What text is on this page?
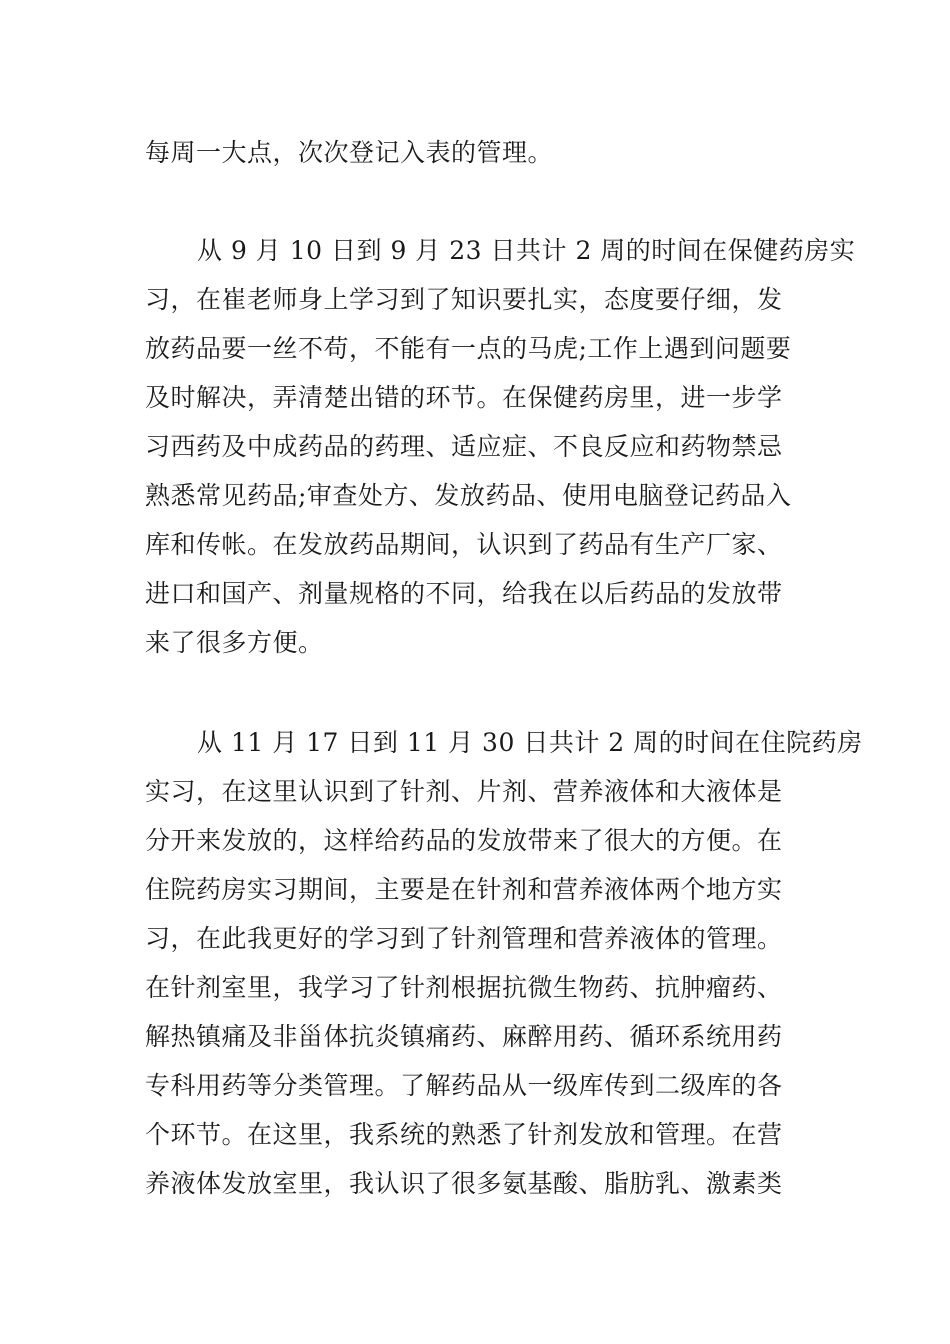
每周一大点，次次登记入表的管理。
从 9 月 10 日到 9 月 23 日共计 2 周的时间在保健药房实
习，在崔老师身上学习到了知识要扎实，态度要仔细，发
放药品要一丝不苟，不能有一点的马虎;工作上遇到问题要
及时解决，弄清楚出错的环节。在保健药房里，进一步学
习西药及中成药品的药理、适应症、不良反应和药物禁忌
熟悉常见药品;审查处方、发放药品、使用电脑登记药品入
库和传帐。在发放药品期间，认识到了药品有生产厂家、
进口和国产、剂量规格的不同，给我在以后药品的发放带
来了很多方便。
从 11 月 17 日到 11 月 30 日共计 2 周的时间在住院药房
实习，在这里认识到了针剂、片剂、营养液体和大液体是
分开来发放的，这样给药品的发放带来了很大的方便。在
住院药房实习期间，主要是在针剂和营养液体两个地方实
习，在此我更好的学习到了针剂管理和营养液体的管理。
在针剂室里，我学习了针剂根据抗微生物药、抗肿瘤药、
解热镇痛及非甾体抗炎镇痛药、麻醉用药、循环系统用药
专科用药等分类管理。了解药品从一级库传到二级库的各
个环节。在这里，我系统的熟悉了针剂发放和管理。在营
养液体发放室里，我认识了很多氨基酸、脂肪乳、激素类
